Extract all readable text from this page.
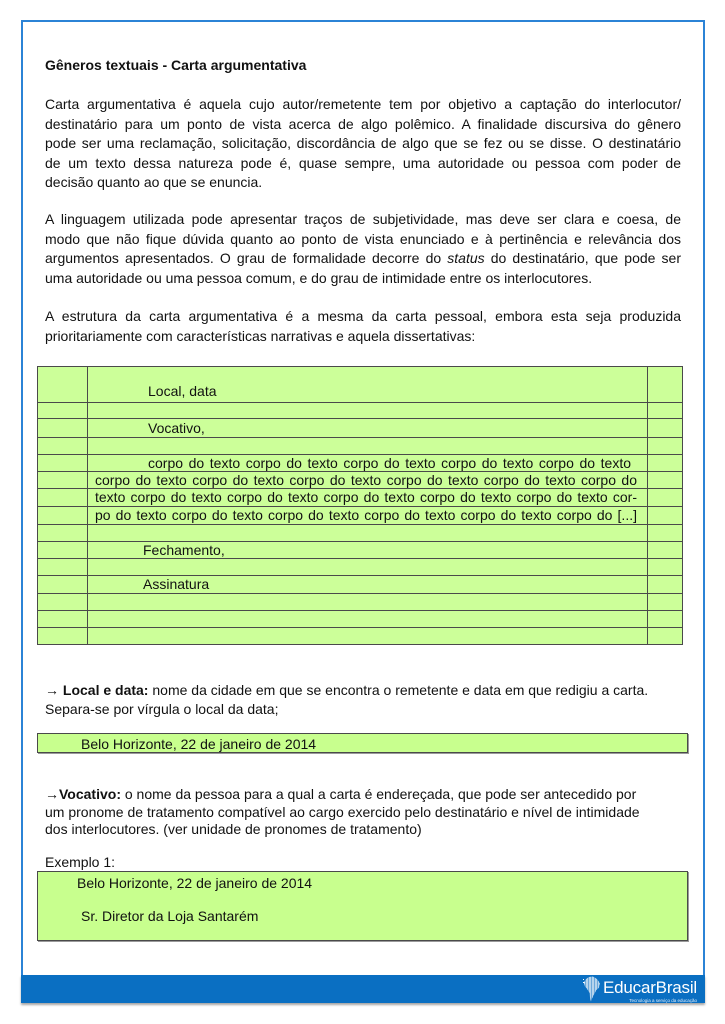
Gêneros textuais - Carta argumentativa
Carta argumentativa é aquela cujo autor/remetente tem por objetivo a captação do interlocutor/
destinatário para um ponto de vista acerca de algo polêmico. A finalidade discursiva do gênero
pode ser uma reclamação, solicitação, discordância de algo que se fez ou se disse. O destinatário
de um texto dessa natureza pode é, quase sempre, uma autoridade ou pessoa com poder de
decisão quanto ao que se enuncia.
A linguagem utilizada pode apresentar traços de subjetividade, mas deve ser clara e coesa, de
modo que não fique dúvida quanto ao ponto de vista enunciado e à pertinência e relevância dos
argumentos apresentados. O grau de formalidade decorre do status do destinatário, que pode ser
uma autoridade ou uma pessoa comum, e do grau de intimidade entre os interlocutores.
A estrutura da carta argumentativa é a mesma da carta pessoal, embora esta seja produzida
prioritariamente com características narrativas e aquela dissertativas:
Local, data
Vocativo,
corpo do texto corpo do texto corpo do texto corpo do texto corpo do texto
corpo do texto corpo do texto corpo do texto corpo do texto corpo do texto corpo do
texto corpo do texto corpo do texto corpo do texto corpo do texto corpo do texto cor-
po do texto corpo do texto corpo do texto corpo do texto corpo do texto corpo do [...]
Fechamento,
Assinatura
→ Local e data: nome da cidade em que se encontra o remetente e data em que redigiu a carta.
Separa-se por vírgula o local da data;
Belo Horizonte, 22 de janeiro de 2014
→Vocativo: o nome da pessoa para a qual a carta é endereçada, que pode ser antecedido por
um pronome de tratamento compatível ao cargo exercido pelo destinatário e nível de intimidade
dos interlocutores. (ver unidade de pronomes de tratamento)
Exemplo 1:
Belo Horizonte, 22 de janeiro de 2014
Sr. Diretor da Loja Santarém
EducarBrasil
Tecnologia a serviço da educação
